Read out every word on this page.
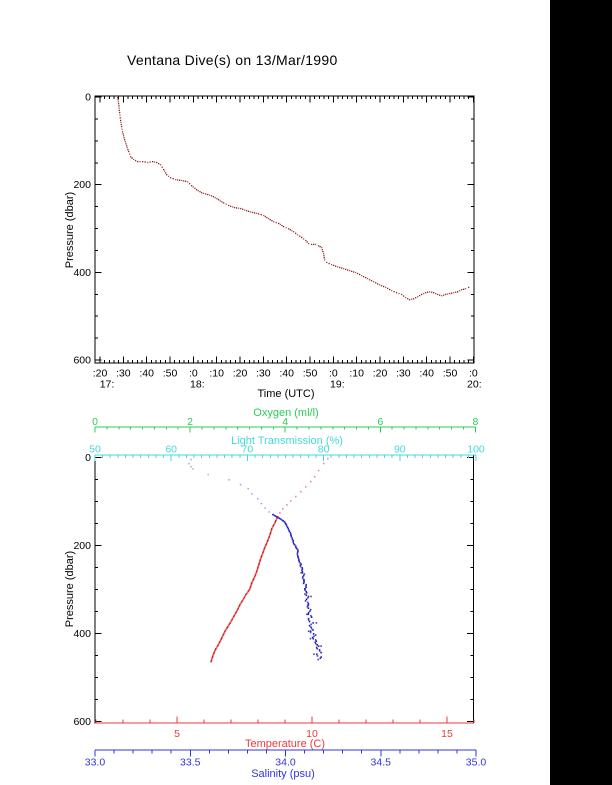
Ventana Dive(s) on 13/Mar/1990
:20 :30 :40 :50 :0 :10 :20 :30 :40 :50 :0 :10 :20 :30 :40 :50 :0
17:	18:	19:	20:
0
200
400
600
Pressure (dbar)
Time (UTC)
Oxygen (ml/l)
Light Transmission (%)
Pressure (dbar)
Temperature (C)
Salinity (psu)
0
200
400
600
0	2	4	6	8
50	60	70	80	90	100
5	10	15
33.0	33.5	34.0	34.5	35.0
